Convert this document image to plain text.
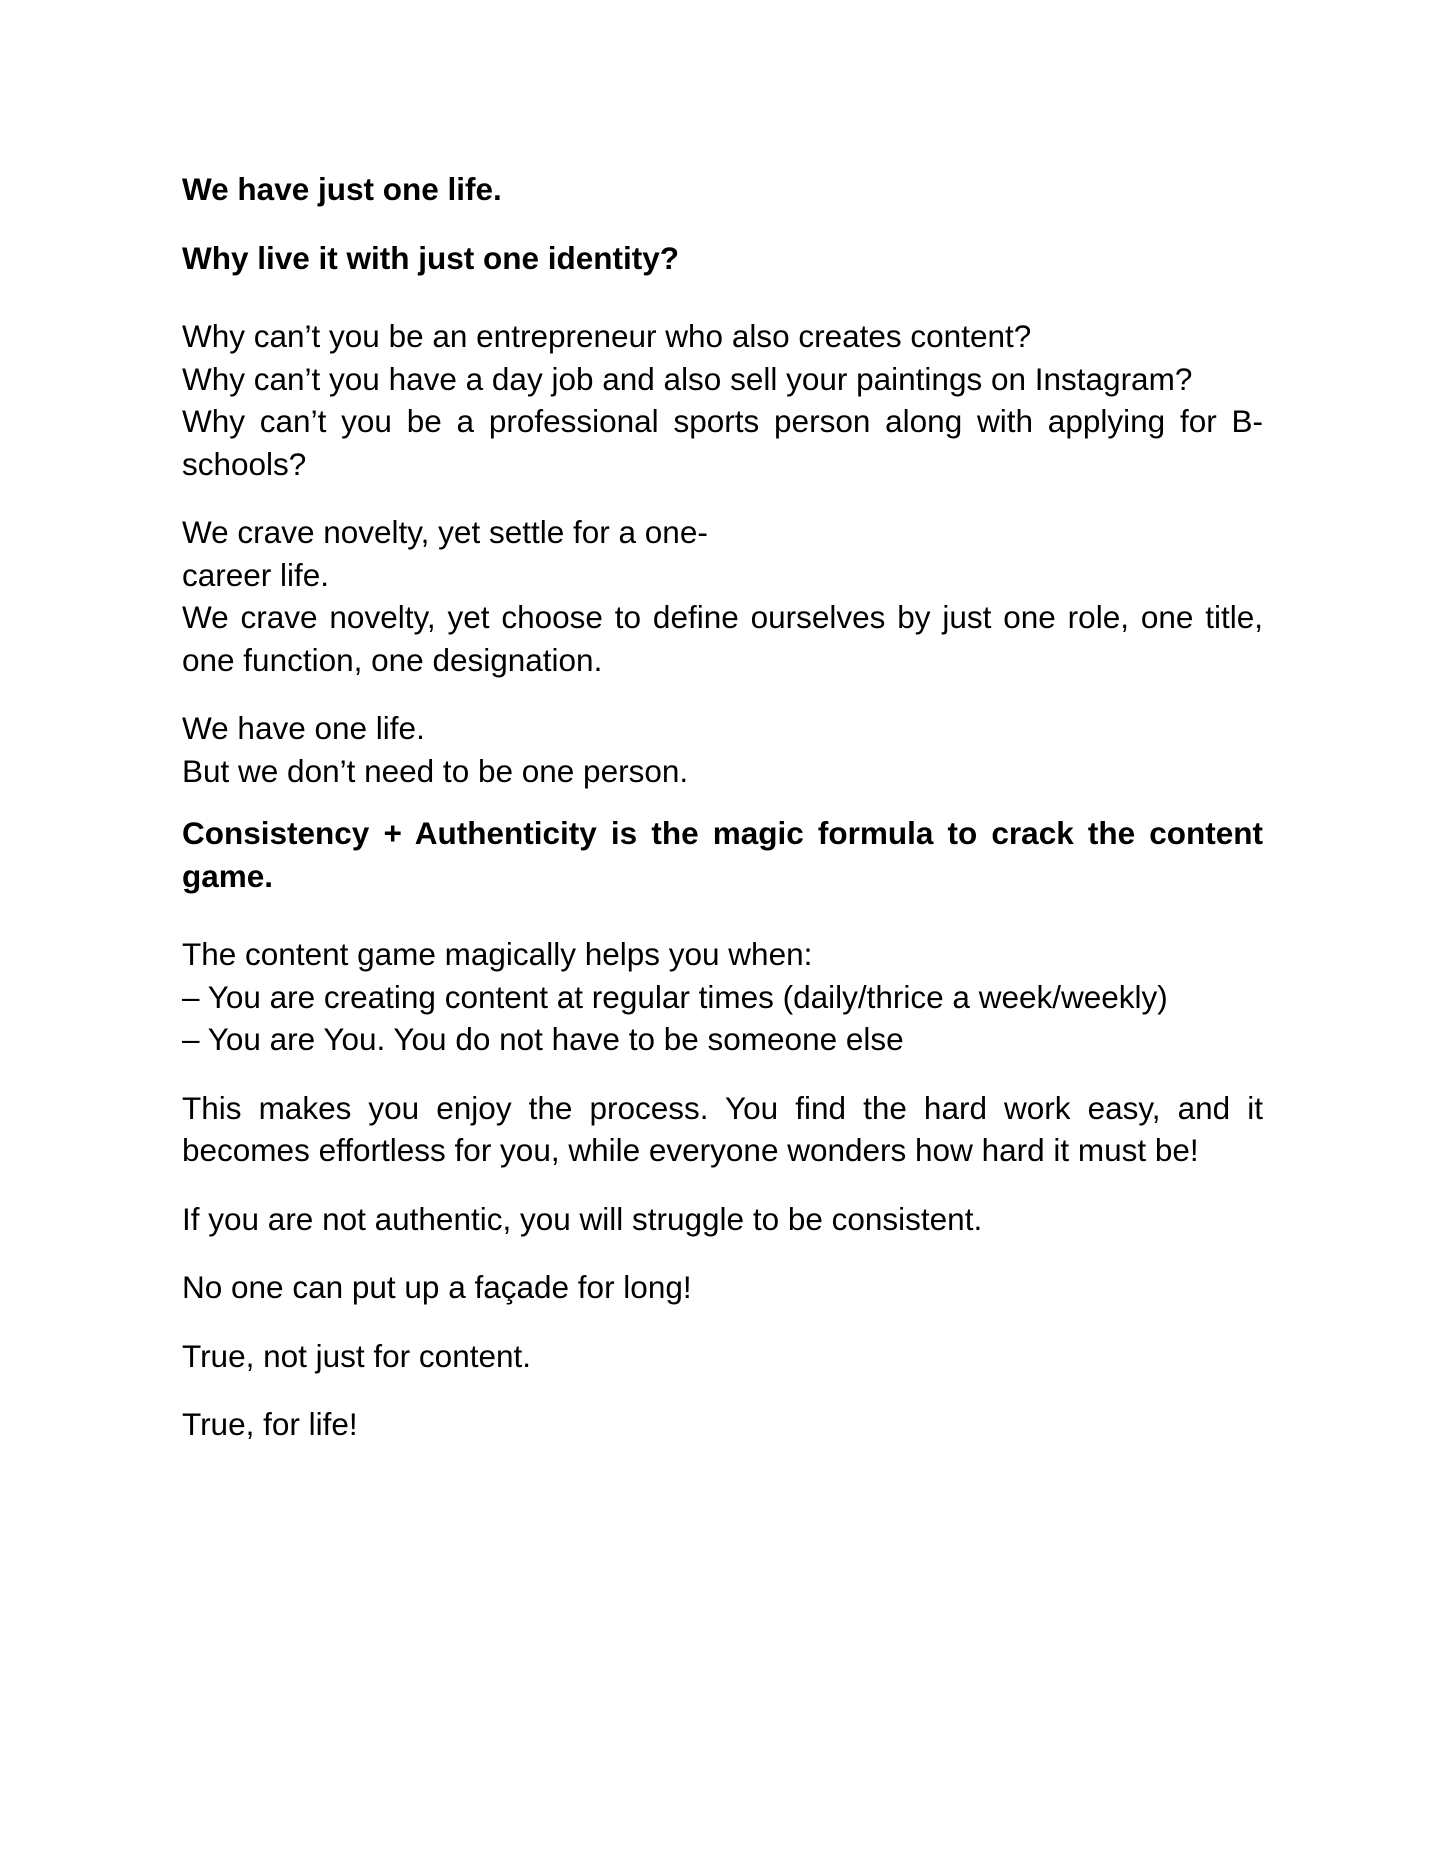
We have just one life.

Why live it with just one identity?

Why can’t you be an entrepreneur who also creates content?

Why can’t you have a day job and also sell your paintings on Instagram?

Why can’t you be a professional sports person along with applying for B-schools?

We crave novelty, yet settle for a one-
career life.

We crave novelty, yet choose to define ourselves by just one role, one title, one function, one designation.

We have one life.

But we don’t need to be one person.

Consistency + Authenticity is the magic formula to crack the content game.

The content game magically helps you when:

– You are creating content at regular times (daily/thrice a week/weekly)

– You are You. You do not have to be someone else

This makes you enjoy the process. You find the hard work easy, and it becomes effortless for you, while everyone wonders how hard it must be!

If you are not authentic, you will struggle to be consistent.

No one can put up a façade for long!

True, not just for content.

True, for life!
